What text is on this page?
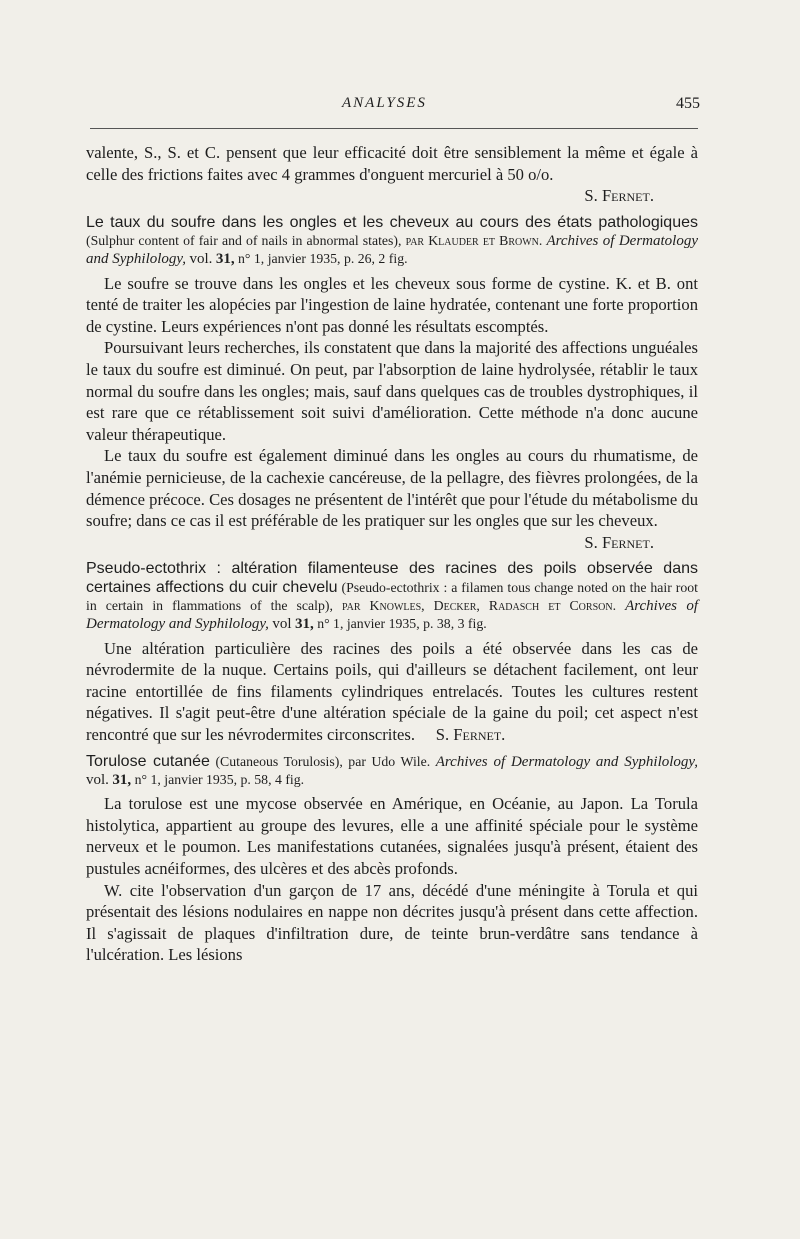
ANALYSES	455

valente, S., S. et C. pensent que leur efficacité doit être sensiblement la même et égale à celle des frictions faites avec 4 grammes d'onguent mercuriel à 50 o/o.

S. Fernet.

Le taux du soufre dans les ongles et les cheveux au cours des états pathologiques (Sulphur content of fair and of nails in abnormal states), par Klauder et Brown. Archives of Dermatology and Syphilology, vol. 31, n° 1, janvier 1935, p. 26, 2 fig.

Le soufre se trouve dans les ongles et les cheveux sous forme de cystine. K. et B. ont tenté de traiter les alopécies par l'ingestion de laine hydratée, contenant une forte proportion de cystine. Leurs expériences n'ont pas donné les résultats escomptés.

Poursuivant leurs recherches, ils constatent que dans la majorité des affections unguéales le taux du soufre est diminué. On peut, par l'absorption de laine hydrolysée, rétablir le taux normal du soufre dans les ongles; mais, sauf dans quelques cas de troubles dystrophiques, il est rare que ce rétablissement soit suivi d'amélioration. Cette méthode n'a donc aucune valeur thérapeutique.

Le taux du soufre est également diminué dans les ongles au cours du rhumatisme, de l'anémie pernicieuse, de la cachexie cancéreuse, de la pellagre, des fièvres prolongées, de la démence précoce. Ces dosages ne présentent de l'intérêt que pour l'étude du métabolisme du soufre; dans ce cas il est préférable de les pratiquer sur les ongles que sur les cheveux.

S. Fernet.

Pseudo-ectothrix : altération filamenteuse des racines des poils observée dans certaines affections du cuir chevelu (Pseudo-ectothrix : a filamen tous change noted on the hair root in certain in flammations of the scalp), par Knowles, Decker, Radasch et Corson. Archives of Dermatology and Syphilology, vol 31, n° 1, janvier 1935, p. 38, 3 fig.

Une altération particulière des racines des poils a été observée dans les cas de névrodermite de la nuque. Certains poils, qui d'ailleurs se détachent facilement, ont leur racine entortillée de fins filaments cylindriques entrelacés. Toutes les cultures restent négatives. Il s'agit peut-être d'une altération spéciale de la gaine du poil; cet aspect n'est rencontré que sur les névrodermites circonscrites. S. Fernet.

Torulose cutanée (Cutaneous Torulosis), par Udo Wile. Archives of Dermatology and Syphilology, vol. 31, n° 1, janvier 1935, p. 58, 4 fig.

La torulose est une mycose observée en Amérique, en Océanie, au Japon. La Torula histolytica, appartient au groupe des levures, elle a une affinité spéciale pour le système nerveux et le poumon. Les manifestations cutanées, signalées jusqu'à présent, étaient des pustules acnéiformes, des ulcères et des abcès profonds.

W. cite l'observation d'un garçon de 17 ans, décédé d'une méningite à Torula et qui présentait des lésions nodulaires en nappe non décrites jusqu'à présent dans cette affection. Il s'agissait de plaques d'infiltration dure, de teinte brun-verdâtre sans tendance à l'ulcération. Les lésions
